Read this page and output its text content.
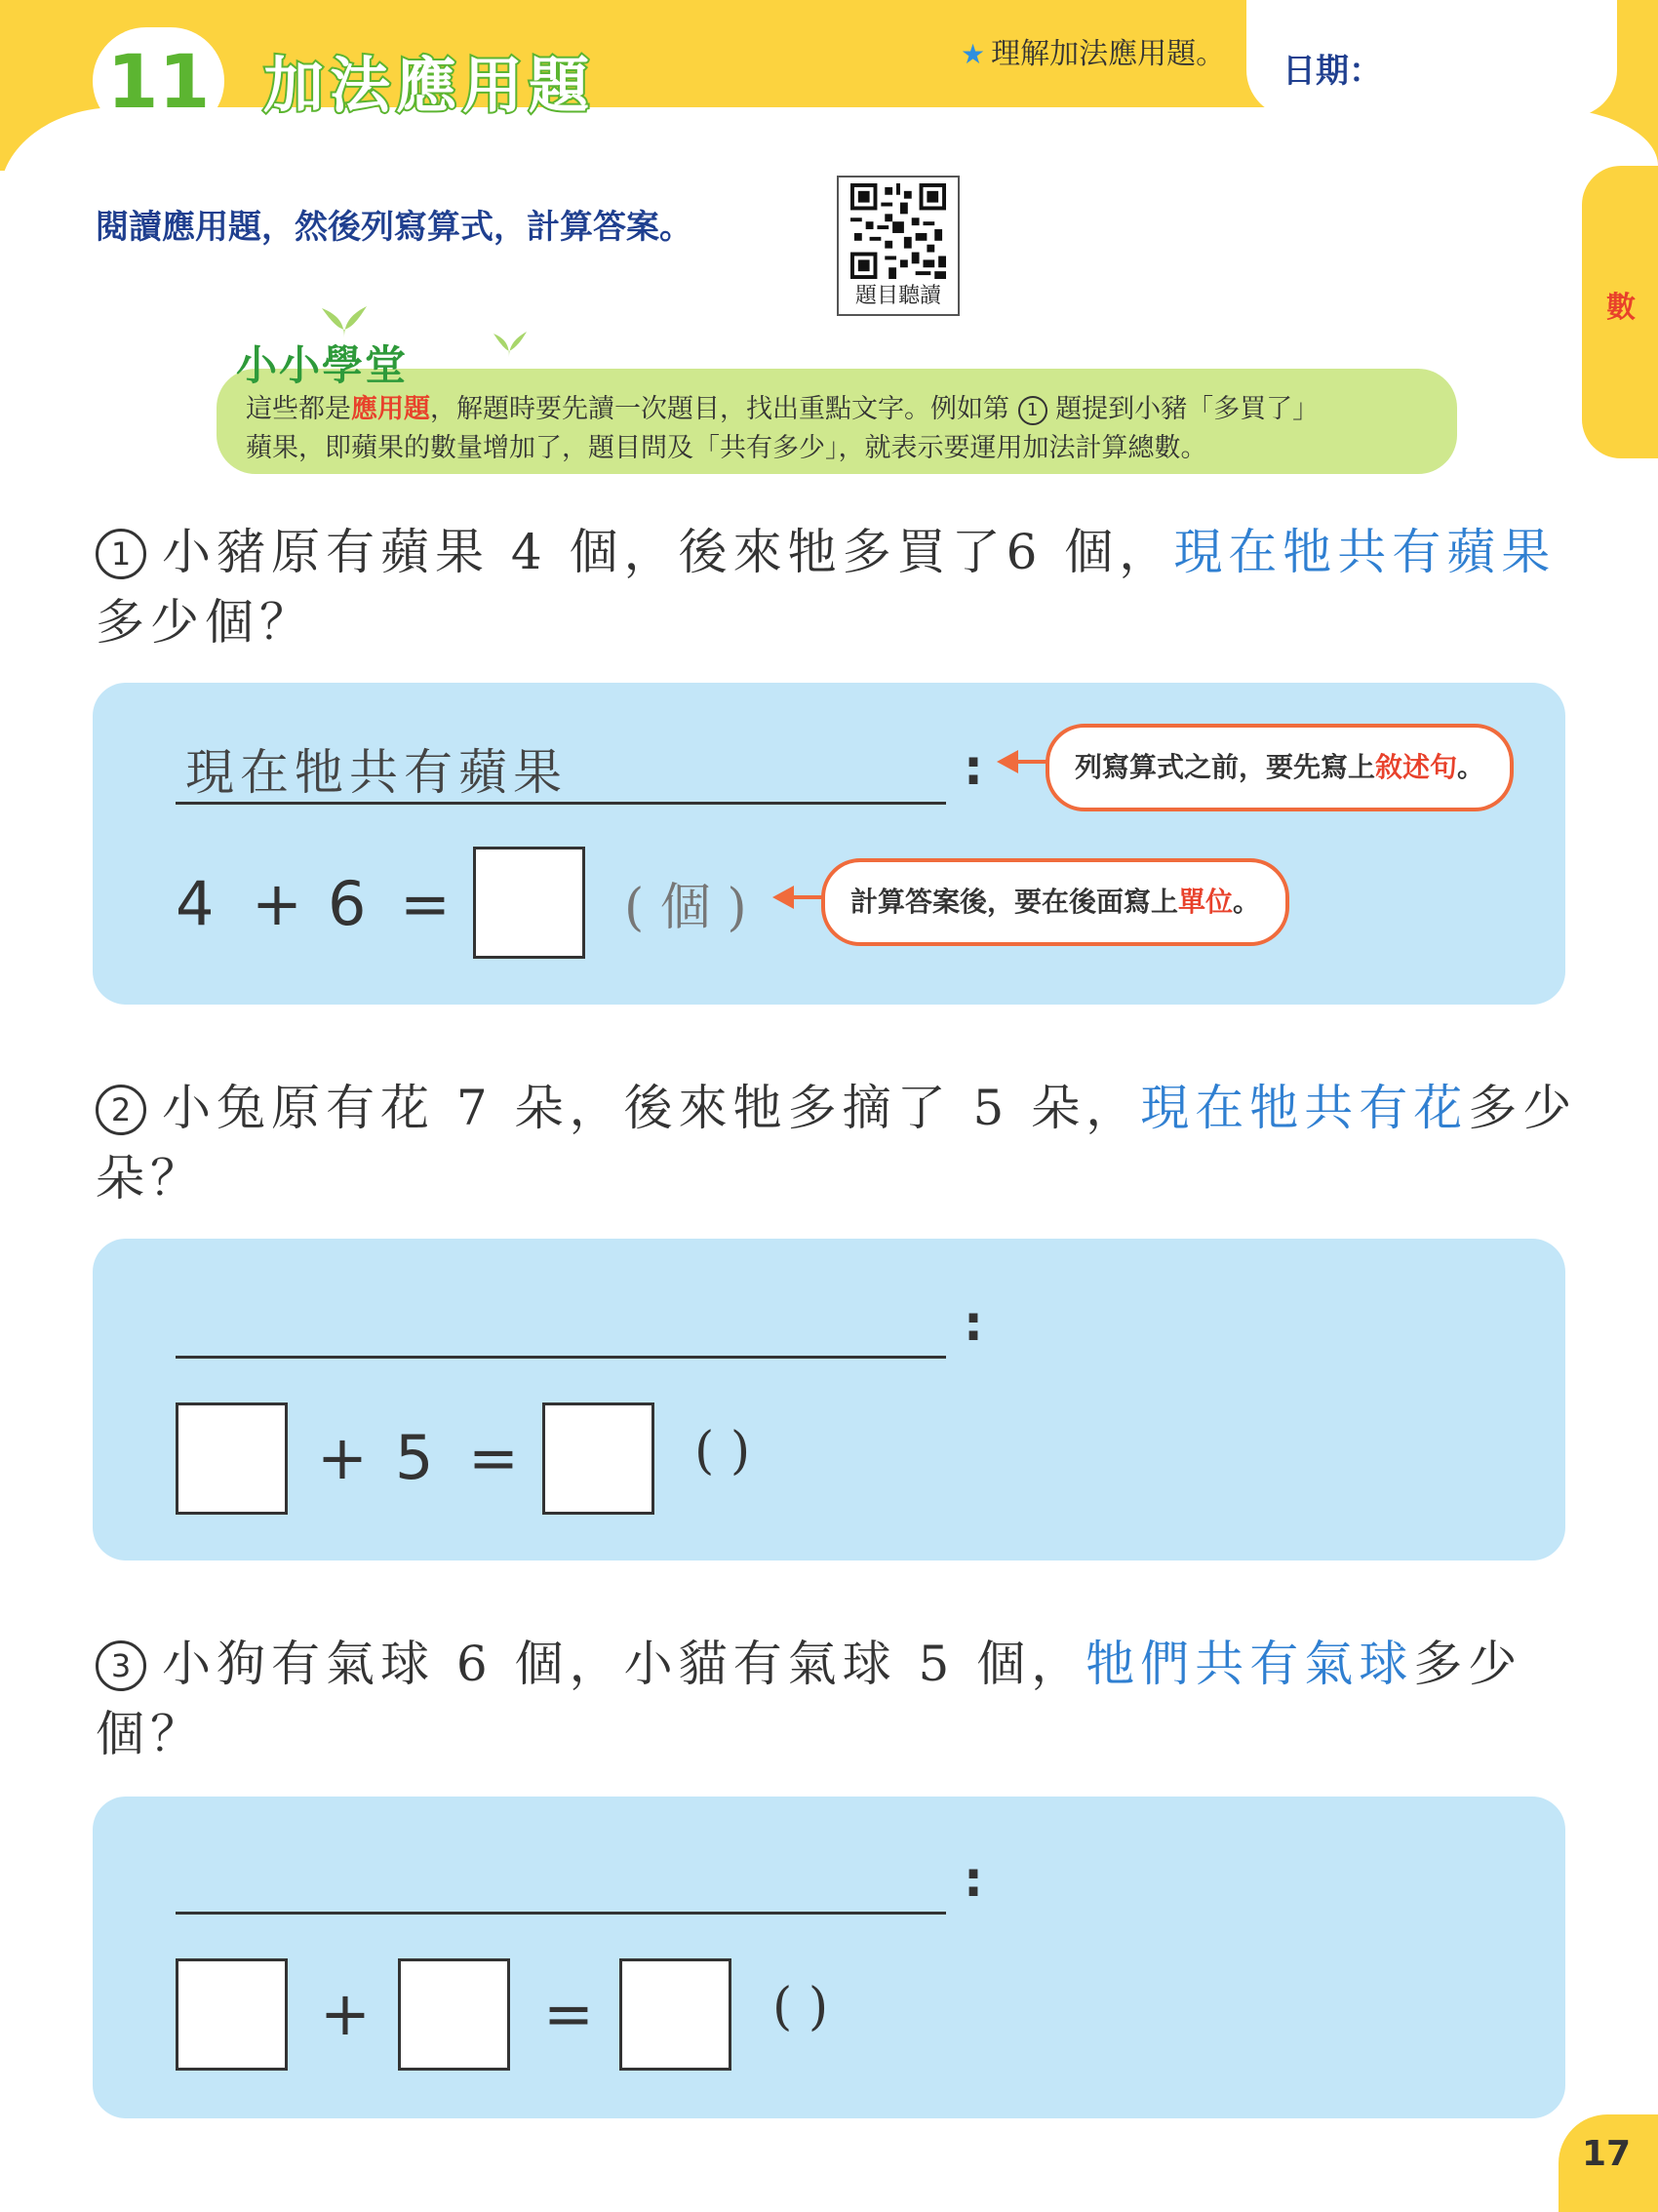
數
11 加法應用題	★ 理解加法應用題。 日期：
閱讀應用題，然後列寫算式，計算答案。
題目聽讀
小小學堂
這些都是應用題，解題時要先讀一次題目，找出重點文字。例如第 1 題提到小豬「多買了」
蘋果，即蘋果的數量增加了，題目問及「共有多少」，就表示要運用加法計算總數。
1 小豬原有蘋果 4 個，後來牠多買了6 個，現在牠共有蘋果多少個？
現在牠共有蘋果	:	列寫算式之前，要先寫上敘述句。
4 + 6 =	( 個 )	計算答案後，要在後面寫上單位。
2 小兔原有花 7 朵，後來牠多摘了 5 朵，現在牠共有花多少朵？
:
+ 5 =	( )
3 小狗有氣球 6 個，小貓有氣球 5 個，牠們共有氣球多少個？
:
+	=	( )
17
